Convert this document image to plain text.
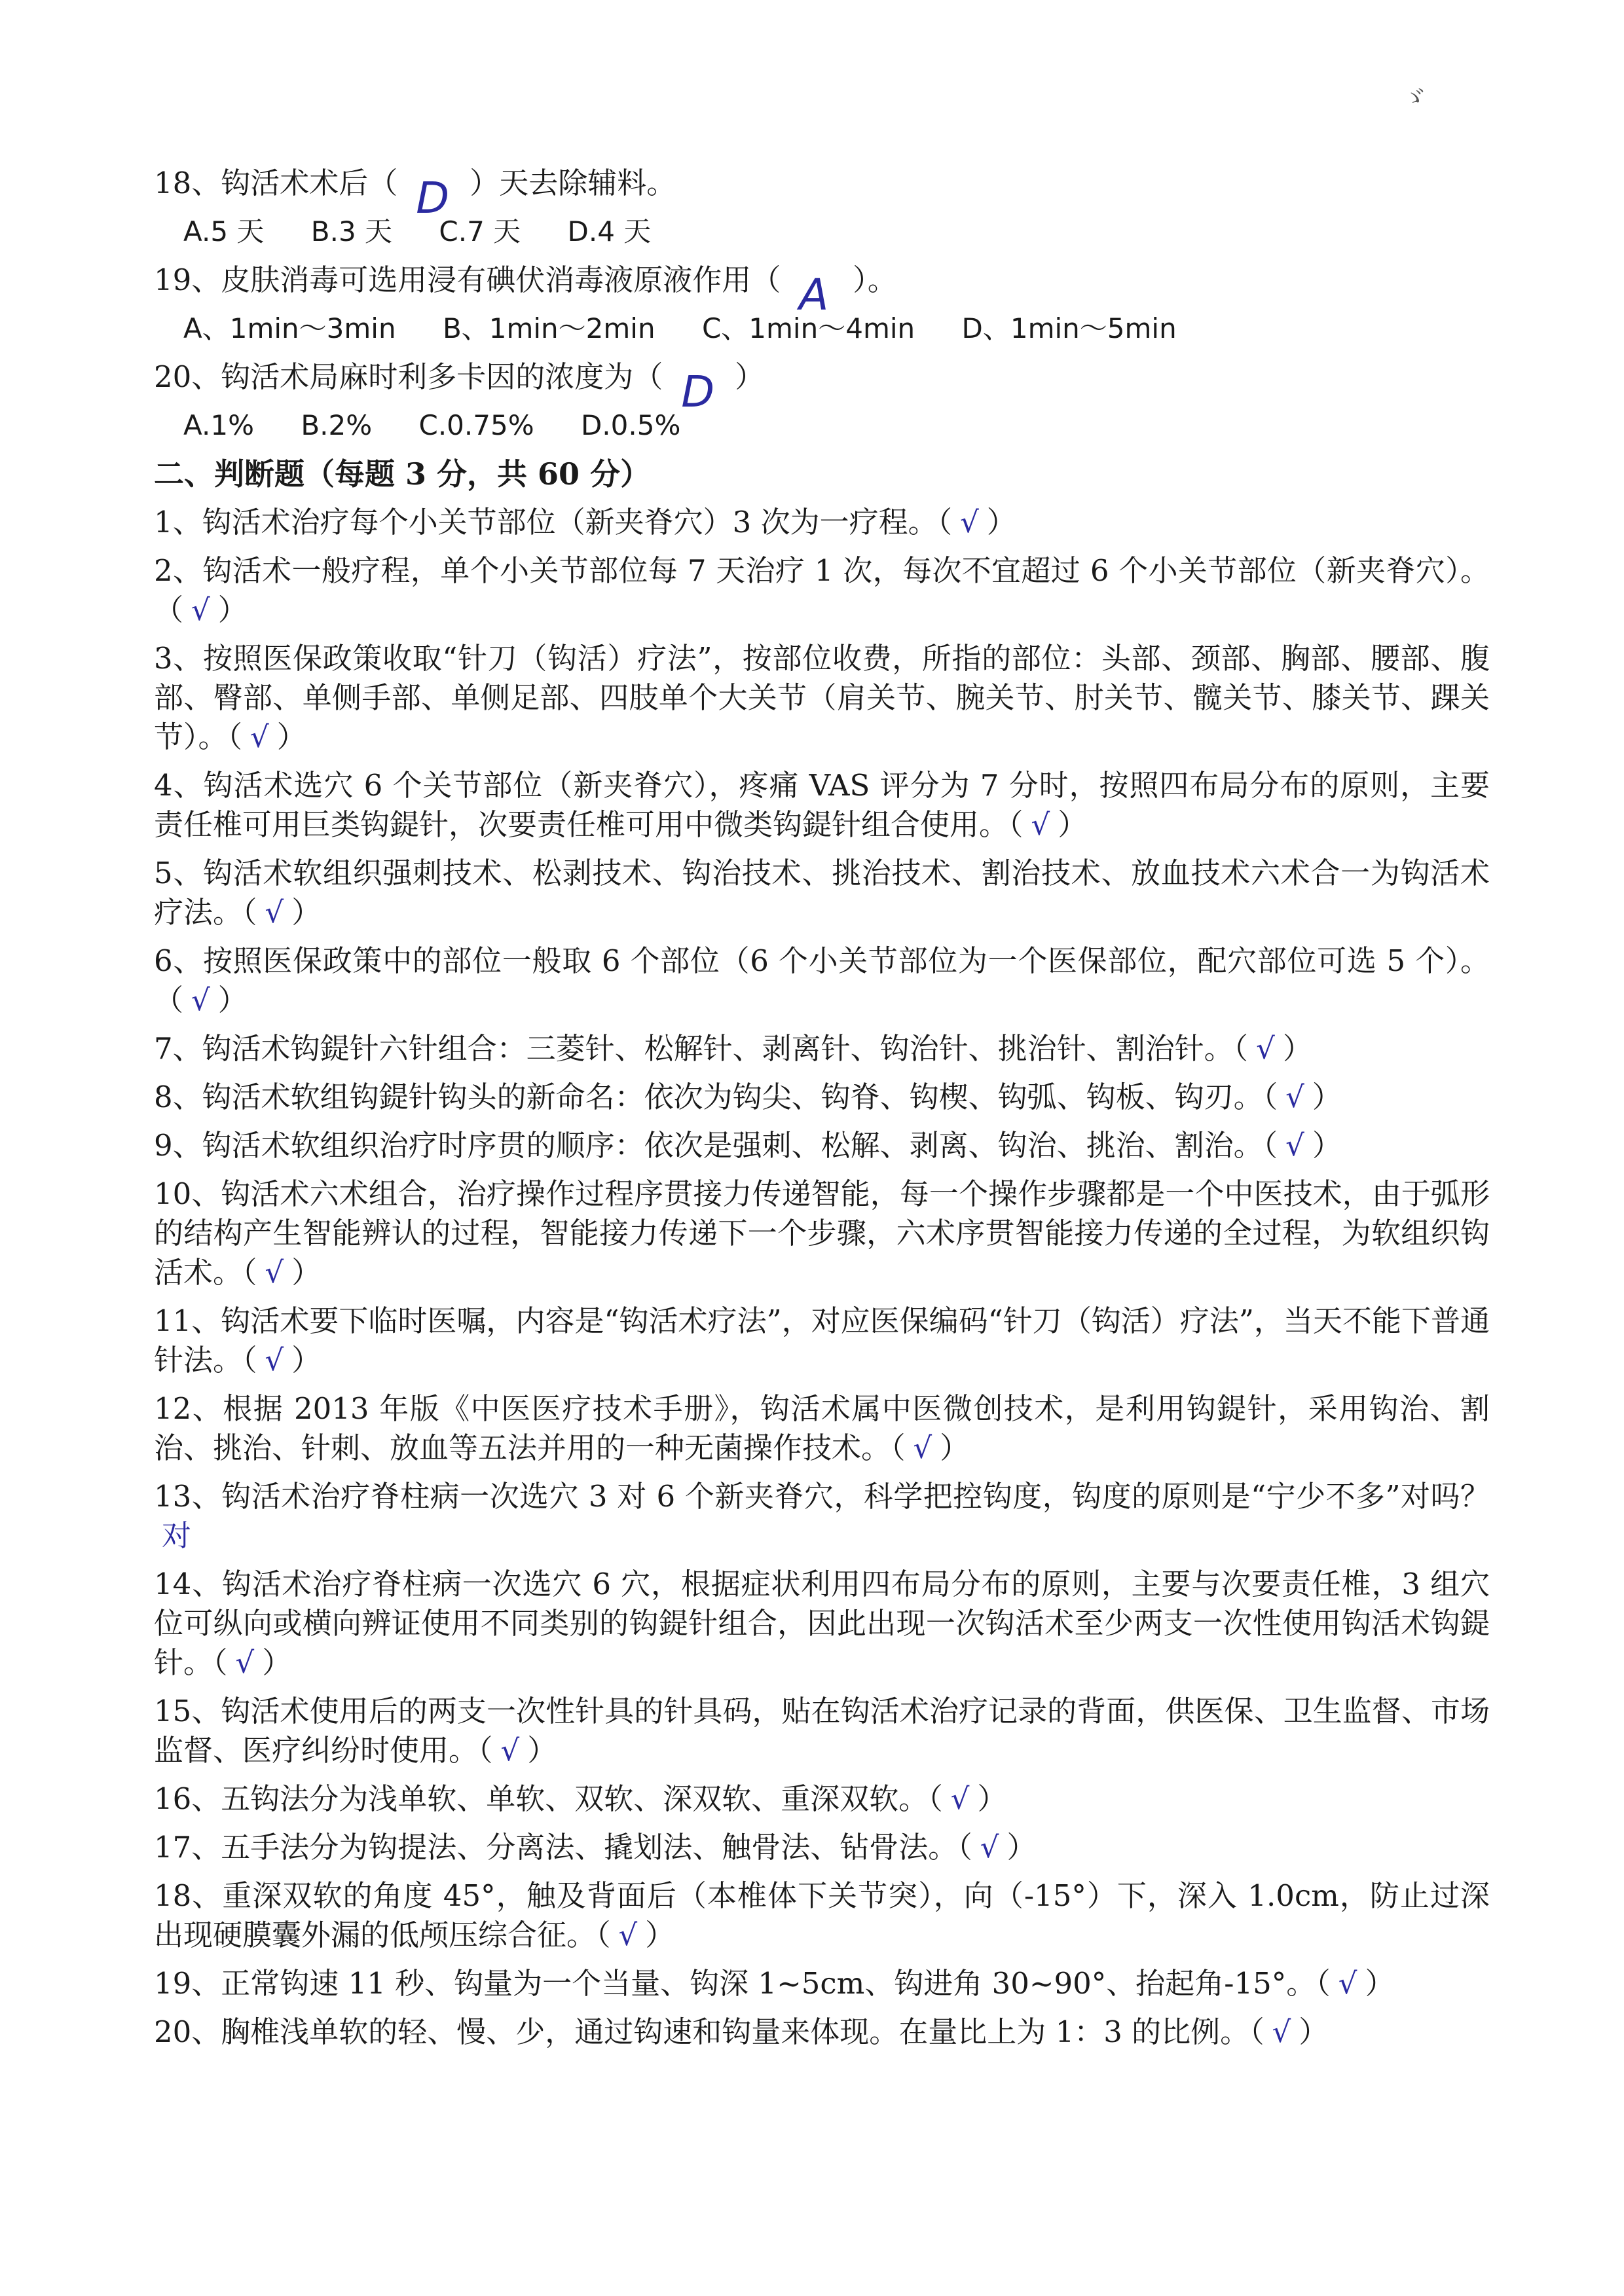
ゞ
18、钩活术术后（ D ）天去除辅料。
A.5 天 B.3 天 C.7 天 D.4 天
19、皮肤消毒可选用浸有碘伏消毒液原液作用（ A ）。
A、1min～3min B、1min～2min C、1min～4min D、1min～5min
20、钩活术局麻时利多卡因的浓度为（ D ）
A.1% B.2% C.0.75% D.0.5%
二、判断题（每题 3 分，共 60 分）
1、钩活术治疗每个小关节部位（新夹脊穴）3 次为一疗程。（ √ ）
2、钩活术一般疗程，单个小关节部位每 7 天治疗 1 次，每次不宜超过 6 个小关节部位（新夹脊穴）。（ √ ）
3、按照医保政策收取“针刀（钩活）疗法”，按部位收费，所指的部位：头部、颈部、胸部、腰部、腹部、臀部、单侧手部、单侧足部、四肢单个大关节（肩关节、腕关节、肘关节、髋关节、膝关节、踝关节）。（ √ ）
4、钩活术选穴 6 个关节部位（新夹脊穴），疼痛 VAS 评分为 7 分时，按照四布局分布的原则，主要责任椎可用巨类钩鍉针，次要责任椎可用中微类钩鍉针组合使用。（ √ ）
5、钩活术软组织强刺技术、松剥技术、钩治技术、挑治技术、割治技术、放血技术六术合一为钩活术疗法。（ √ ）
6、按照医保政策中的部位一般取 6 个部位（6 个小关节部位为一个医保部位，配穴部位可选 5 个）。（ √ ）
7、钩活术钩鍉针六针组合：三菱针、松解针、剥离针、钩治针、挑治针、割治针。（ √ ）
8、钩活术软组钩鍉针钩头的新命名：依次为钩尖、钩脊、钩楔、钩弧、钩板、钩刃。（ √ ）
9、钩活术软组织治疗时序贯的顺序：依次是强刺、松解、剥离、钩治、挑治、割治。（ √ ）
10、钩活术六术组合，治疗操作过程序贯接力传递智能，每一个操作步骤都是一个中医技术，由于弧形的结构产生智能辨认的过程，智能接力传递下一个步骤，六术序贯智能接力传递的全过程，为软组织钩活术。（ √ ）
11、钩活术要下临时医嘱，内容是“钩活术疗法”，对应医保编码“针刀（钩活）疗法”，当天不能下普通针法。（ √ ）
12、根据 2013 年版《中医医疗技术手册》，钩活术属中医微创技术，是利用钩鍉针，采用钩治、割治、挑治、针刺、放血等五法并用的一种无菌操作技术。（ √ ）
13、钩活术治疗脊柱病一次选穴 3 对 6 个新夹脊穴，科学把控钩度，钩度的原则是“宁少不多”对吗？对
14、钩活术治疗脊柱病一次选穴 6 穴，根据症状利用四布局分布的原则，主要与次要责任椎，3 组穴位可纵向或横向辨证使用不同类别的钩鍉针组合，因此出现一次钩活术至少两支一次性使用钩活术钩鍉针。（ √ ）
15、钩活术使用后的两支一次性针具的针具码，贴在钩活术治疗记录的背面，供医保、卫生监督、市场监督、医疗纠纷时使用。（ √ ）
16、五钩法分为浅单软、单软、双软、深双软、重深双软。（ √ ）
17、五手法分为钩提法、分离法、撬划法、触骨法、钻骨法。（ √ ）
18、重深双软的角度 45°，触及背面后（本椎体下关节突），向（-15°）下，深入 1.0cm，防止过深出现硬膜囊外漏的低颅压综合征。（ √ ）
19、正常钩速 11 秒、钩量为一个当量、钩深 1~5cm、钩进角 30~90°、抬起角-15°。（ √ ）
20、胸椎浅单软的轻、慢、少，通过钩速和钩量来体现。在量比上为 1：3 的比例。（ √ ）
